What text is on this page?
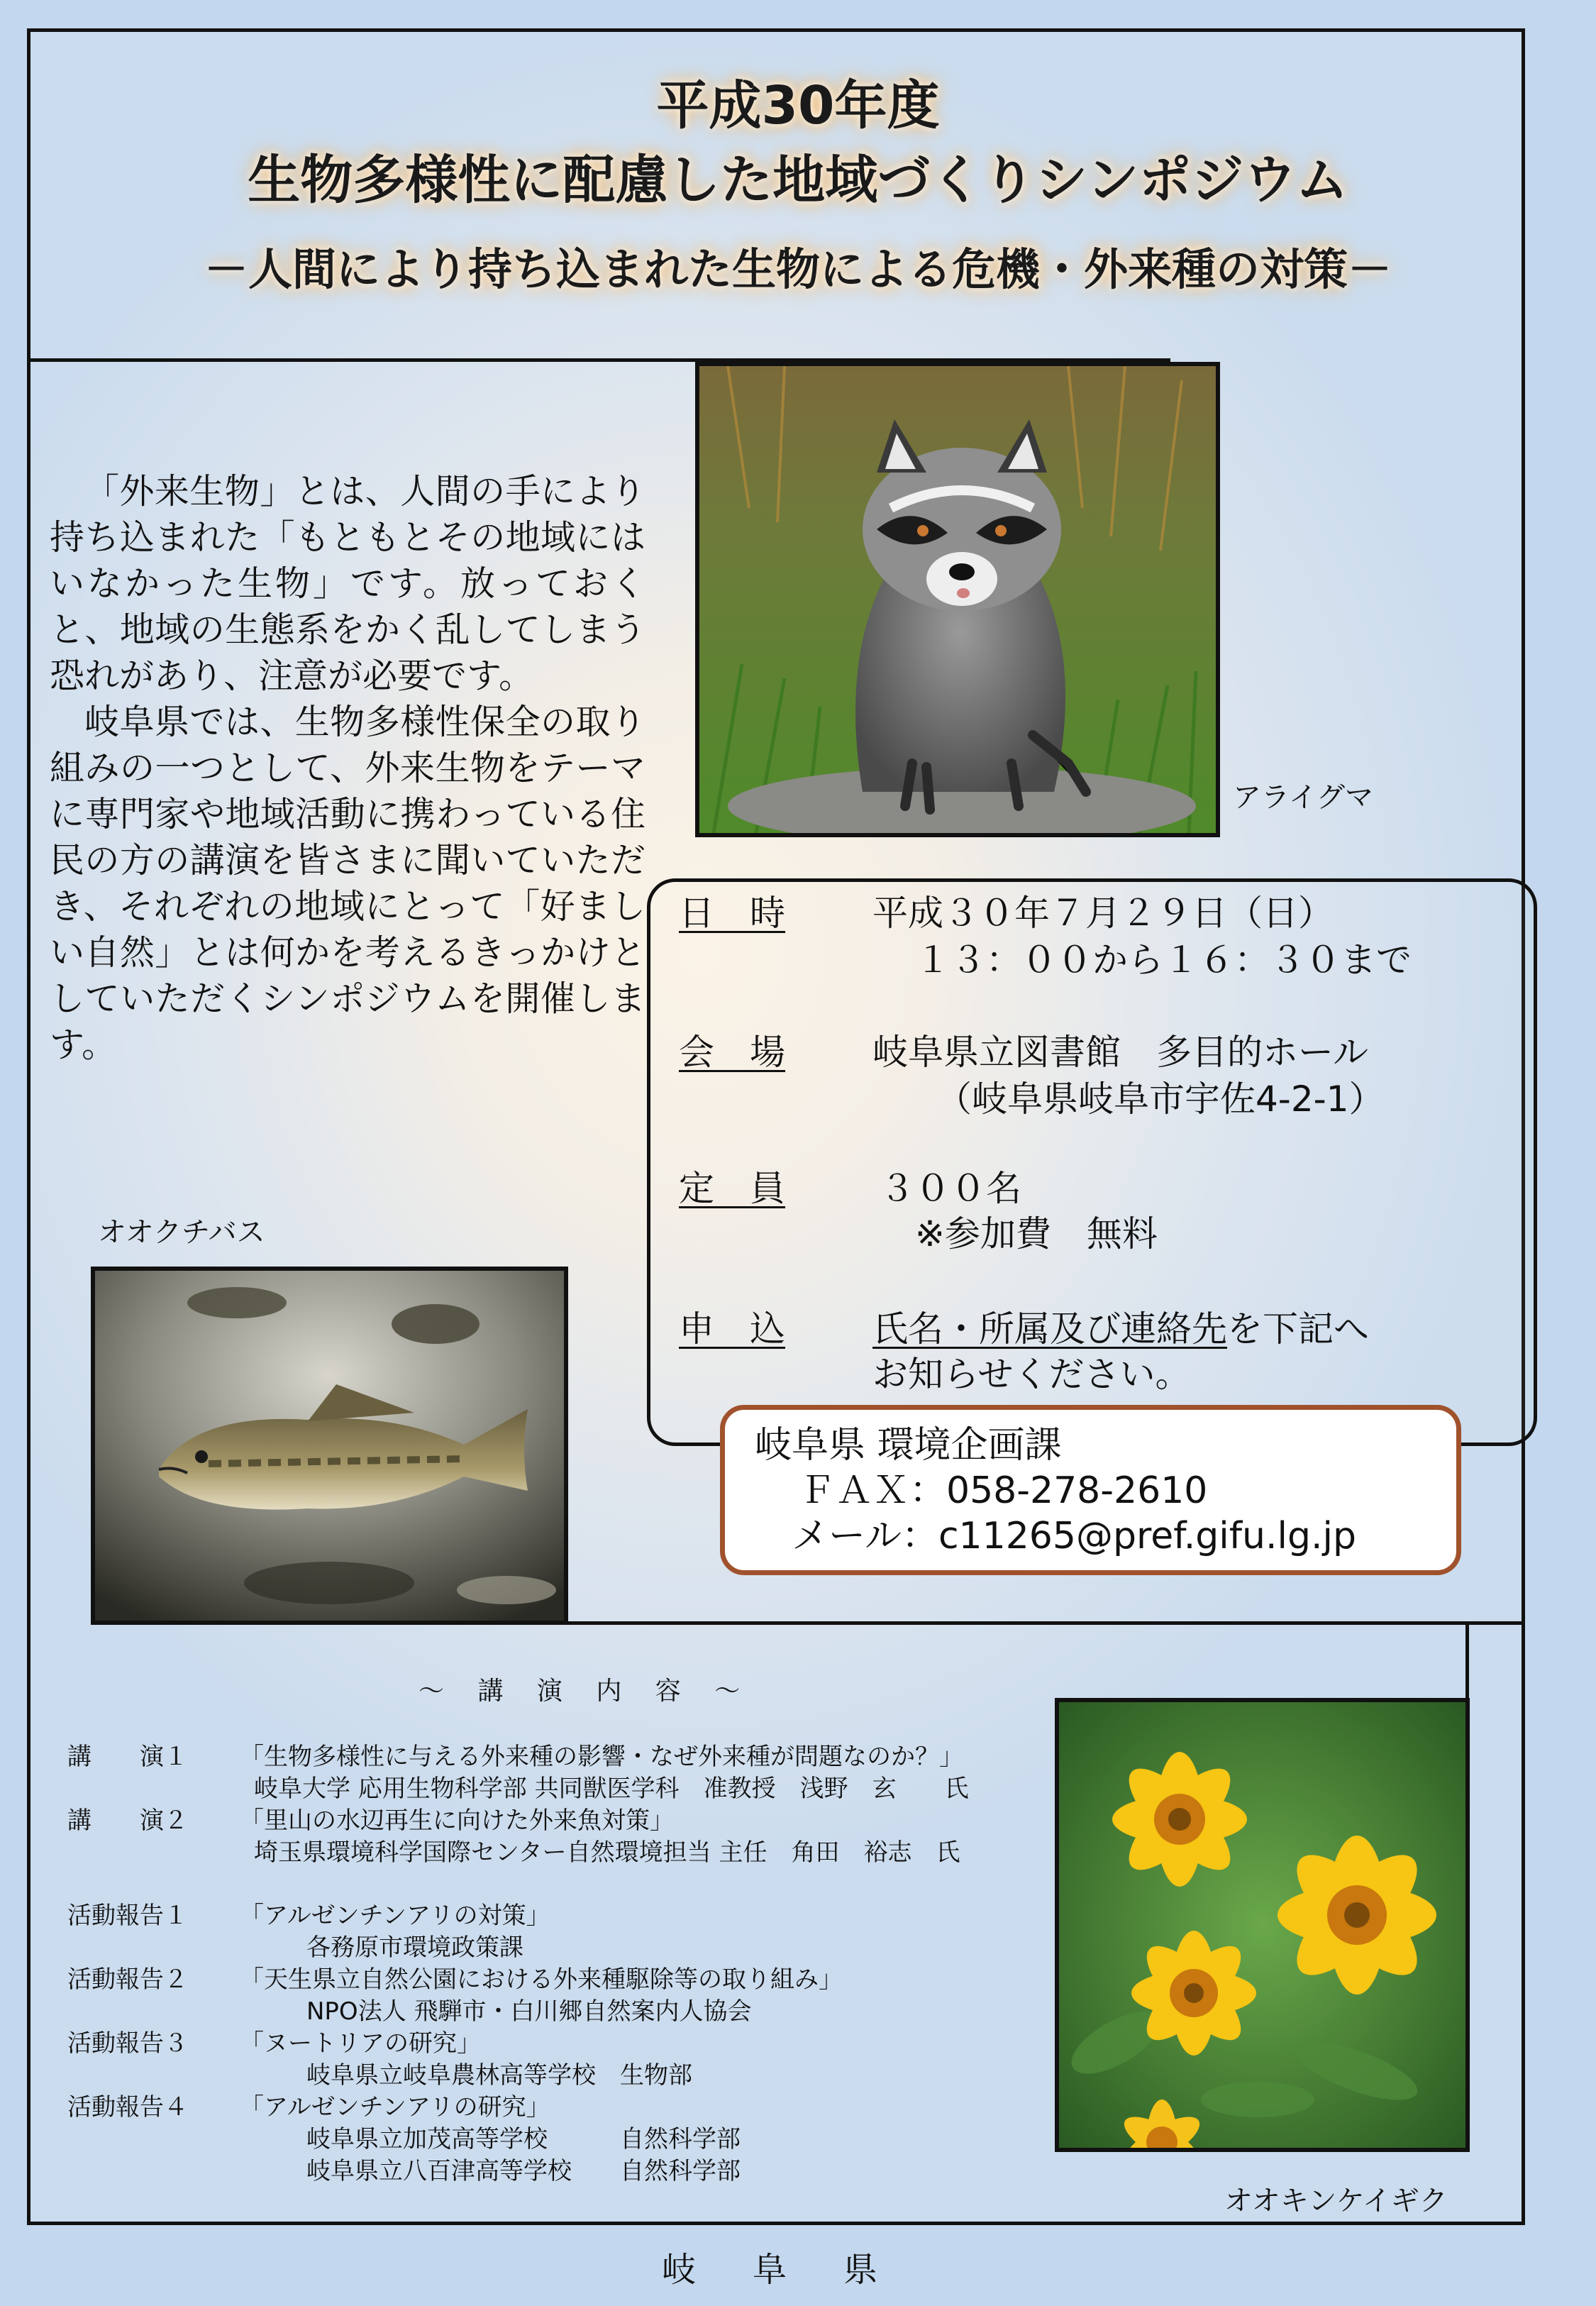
平成30年度
生物多様性に配慮した地域づくりシンポジウム
－人間により持ち込まれた生物による危機・外来種の対策－

「外来生物」とは、人間の手により持ち込まれた「もともとその地域にはいなかった生物」です。放っておくと、地域の生態系をかく乱してしまう恐れがあり、注意が必要です。

岐阜県では、生物多様性保全の取り組みの一つとして、外来生物をテーマに専門家や地域活動に携わっている住民の方の講演を皆さまに聞いていただき、それぞれの地域にとって「好ましい自然」とは何かを考えるきっかけとしていただくシンポジウムを開催します。

アライグマ
オオクチバス
日　時	平成３０年７月２９日（日）
１３：００から１６：３０まで
会　場	岐阜県立図書館　多目的ホール
（岐阜県岐阜市宇佐4-2-1）
定　員	３００名
※参加費　無料
申　込	氏名・所属及び連絡先を下記へ
お知らせください。
岐阜県 環境企画課
ＦＡＸ：058-278-2610
メール：c11265@pref.gifu.lg.jp
オオキンケイギク
～ 講 演 内 容 ～
講　　演１ 「生物多様性に与える外来種の影響・なぜ外来種が問題なのか？」
岐阜大学 応用生物科学部 共同獣医学科　准教授　浅野　玄　　氏
講　　演２ 「里山の水辺再生に向けた外来魚対策」
埼玉県環境科学国際センター自然環境担当 主任　角田　裕志　氏
活動報告１ 「アルゼンチンアリの対策」
各務原市環境政策課
活動報告２ 「天生県立自然公園における外来種駆除等の取り組み」
NPO法人 飛騨市・白川郷自然案内人協会
活動報告３ 「ヌートリアの研究」
岐阜県立岐阜農林高等学校　生物部
活動報告４ 「アルゼンチンアリの研究」
岐阜県立加茂高等学校　　　自然科学部
岐阜県立八百津高等学校　　自然科学部
岐阜県
